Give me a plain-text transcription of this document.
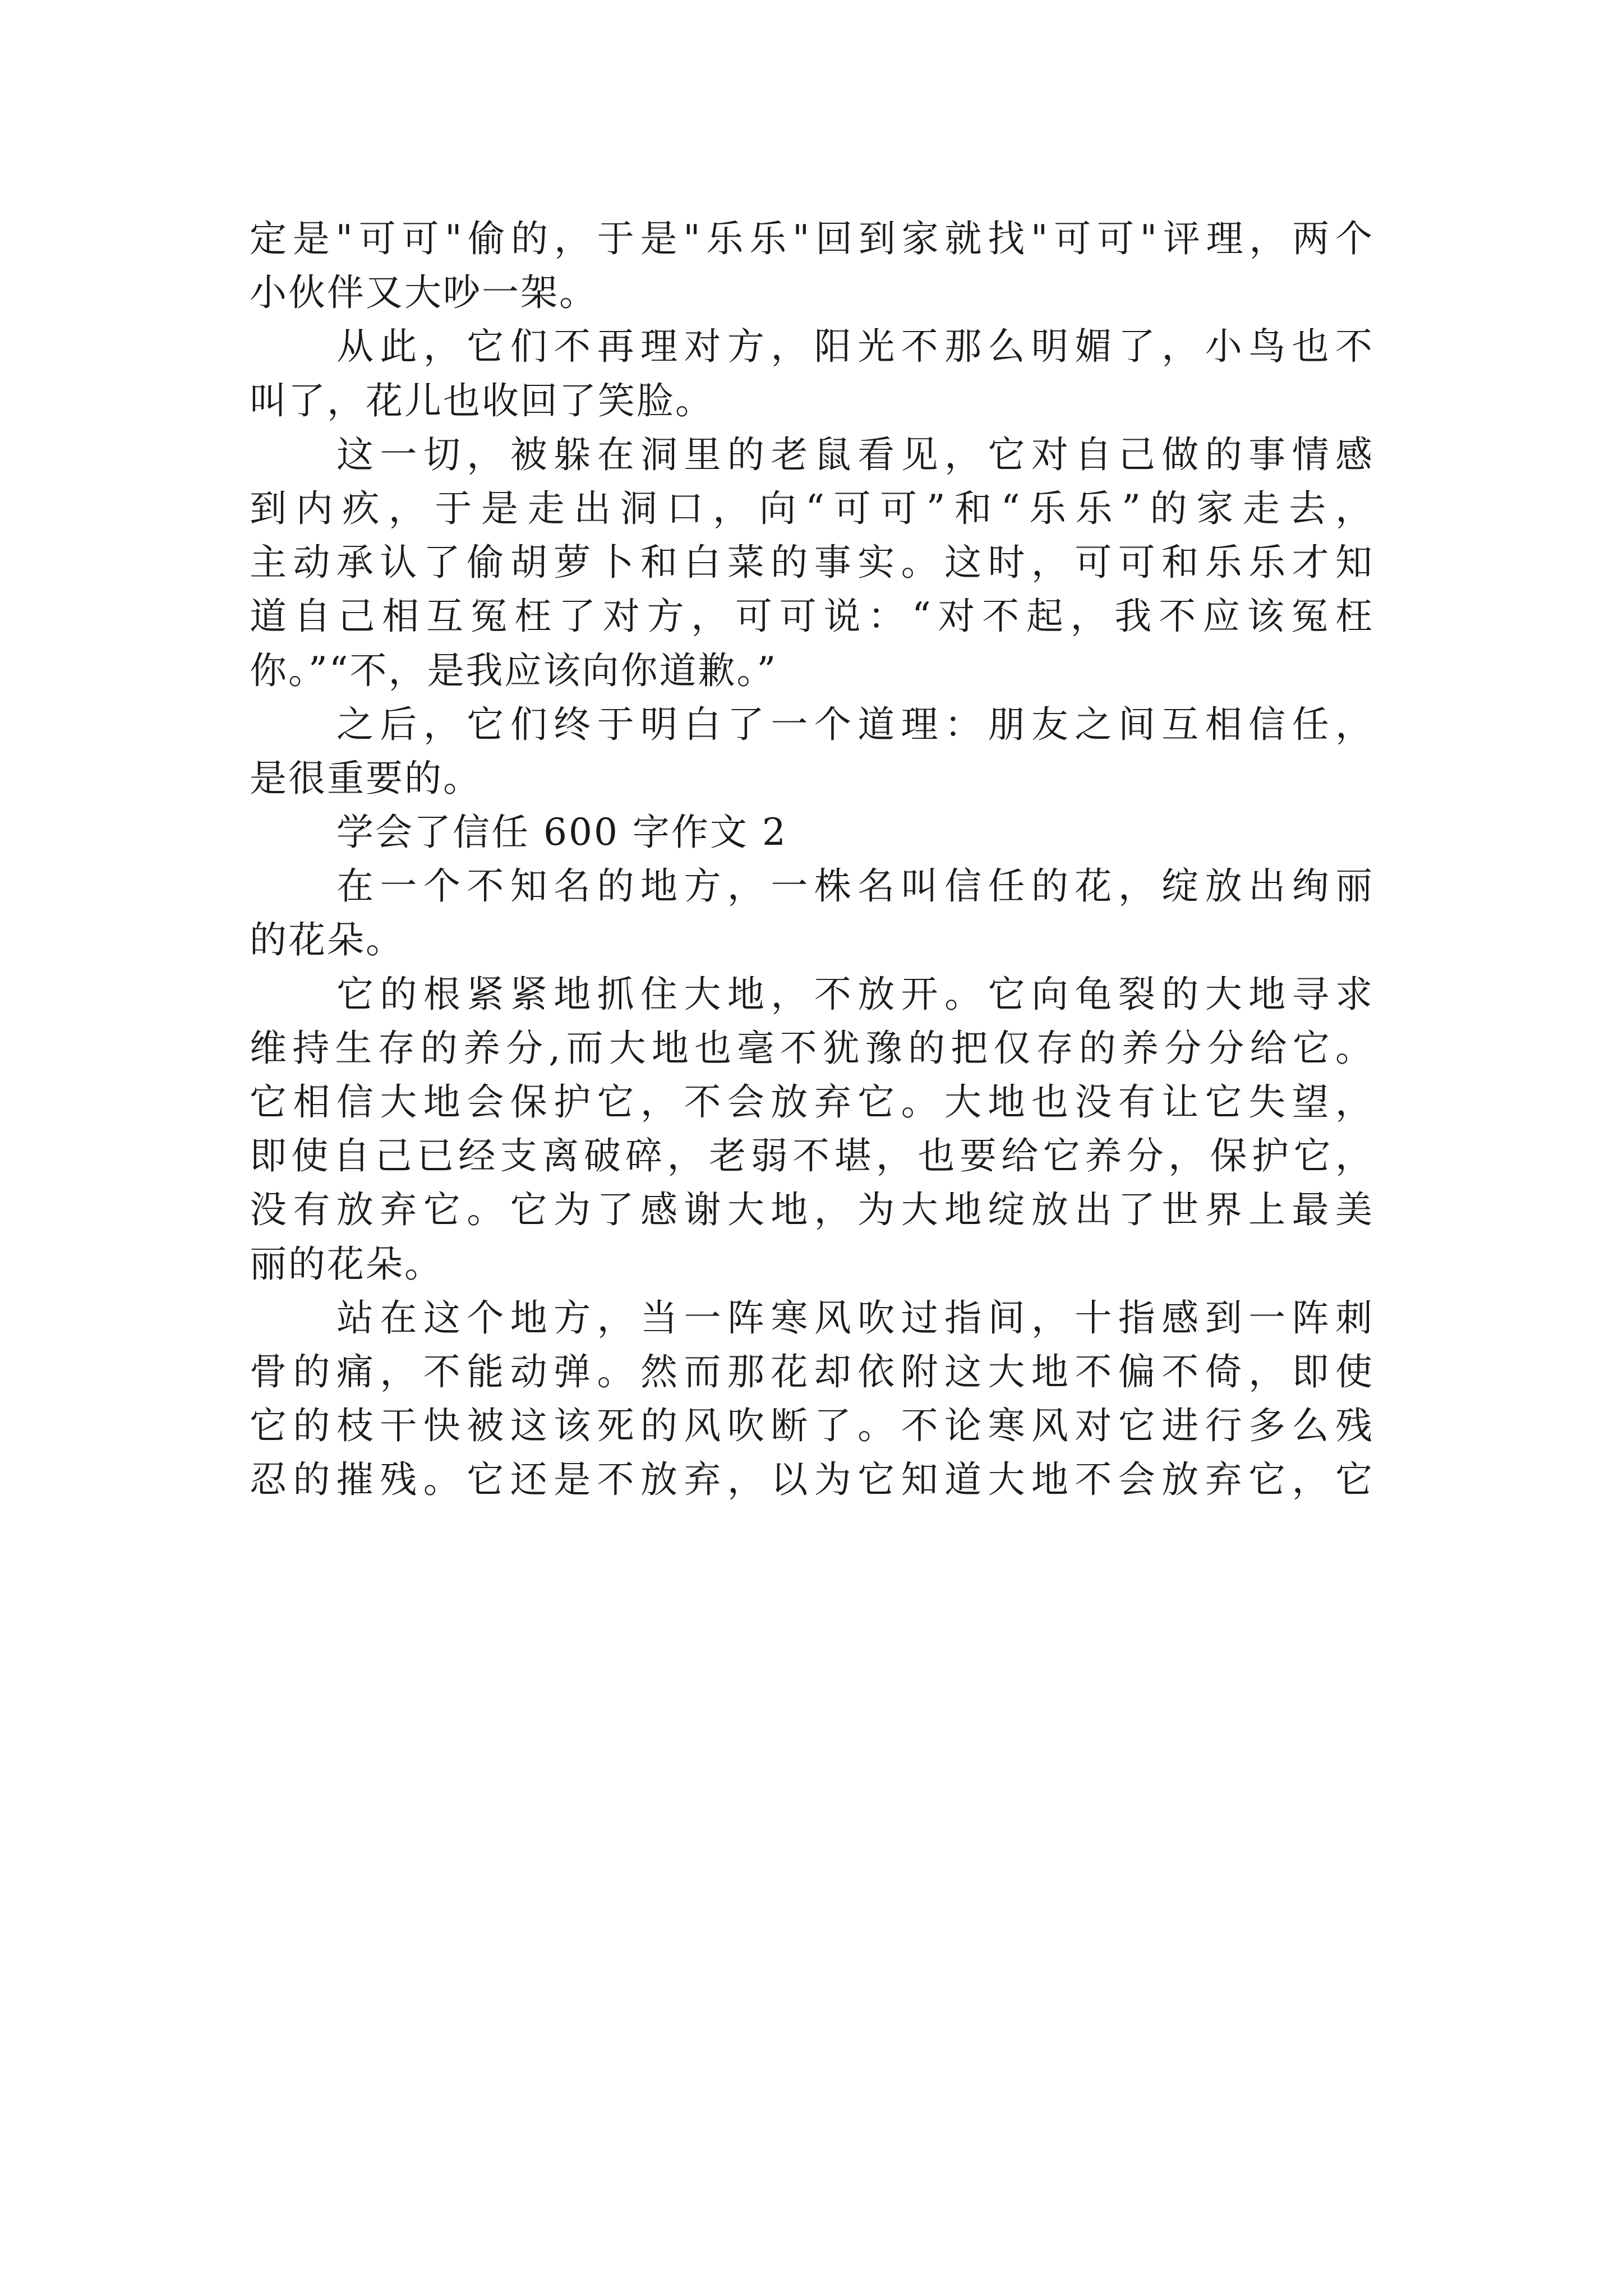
定是"可可"偷的，于是"乐乐"回到家就找"可可"评理，两个
小伙伴又大吵一架。
从此，它们不再理对方，阳光不那么明媚了，小鸟也不
叫了，花儿也收回了笑脸。
这一切，被躲在洞里的老鼠看见，它对自己做的事情感
到内疚，于是走出洞口，向“可可”和“乐乐”的家走去，
主动承认了偷胡萝卜和白菜的事实。这时，可可和乐乐才知
道自己相互冤枉了对方，可可说：“对不起，我不应该冤枉
你。”“不，是我应该向你道歉。”
之后，它们终于明白了一个道理：朋友之间互相信任，
是很重要的。
学会了信任 600 字作文 2
在一个不知名的地方，一株名叫信任的花，绽放出绚丽
的花朵。
它的根紧紧地抓住大地，不放开。它向龟裂的大地寻求
维持生存的养分,而大地也毫不犹豫的把仅存的养分分给它。
它相信大地会保护它，不会放弃它。大地也没有让它失望，
即使自己已经支离破碎，老弱不堪，也要给它养分，保护它，
没有放弃它。它为了感谢大地，为大地绽放出了世界上最美
丽的花朵。
站在这个地方，当一阵寒风吹过指间，十指感到一阵刺
骨的痛，不能动弹。然而那花却依附这大地不偏不倚，即使
它的枝干快被这该死的风吹断了。不论寒风对它进行多么残
忍的摧残。它还是不放弃，以为它知道大地不会放弃它，它
